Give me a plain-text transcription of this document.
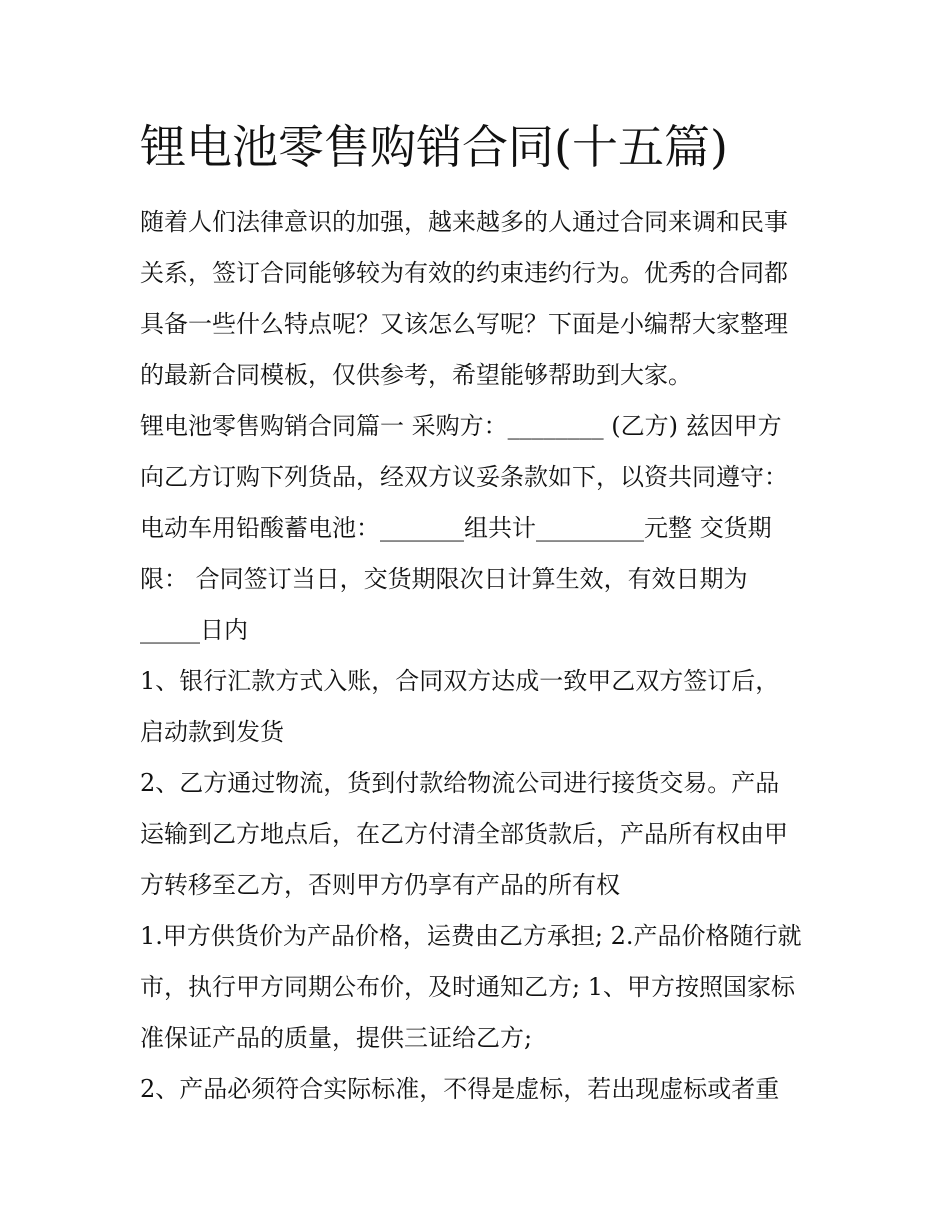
锂电池零售购销合同(十五篇)

随着人们法律意识的加强，越来越多的人通过合同来调和民事

关系，签订合同能够较为有效的约束违约行为。优秀的合同都

具备一些什么特点呢？又该怎么写呢？下面是小编帮大家整理

的最新合同模板，仅供参考，希望能够帮助到大家。

锂电池零售购销合同篇一 采购方：________ (乙方) 兹因甲方

向乙方订购下列货品，经双方议妥条款如下，以资共同遵守：

电动车用铅酸蓄电池：_______组共计_________元整 交货期

限： 合同签订当日，交货期限次日计算生效，有效日期为

_____日内

1、银行汇款方式入账，合同双方达成一致甲乙双方签订后，

启动款到发货

2、乙方通过物流，货到付款给物流公司进行接货交易。产品

运输到乙方地点后，在乙方付清全部货款后，产品所有权由甲

方转移至乙方，否则甲方仍享有产品的所有权

1.甲方供货价为产品价格，运费由乙方承担; 2.产品价格随行就

市，执行甲方同期公布价，及时通知乙方; 1、甲方按照国家标

准保证产品的质量，提供三证给乙方;

2、产品必须符合实际标准，不得是虚标，若出现虚标或者重
